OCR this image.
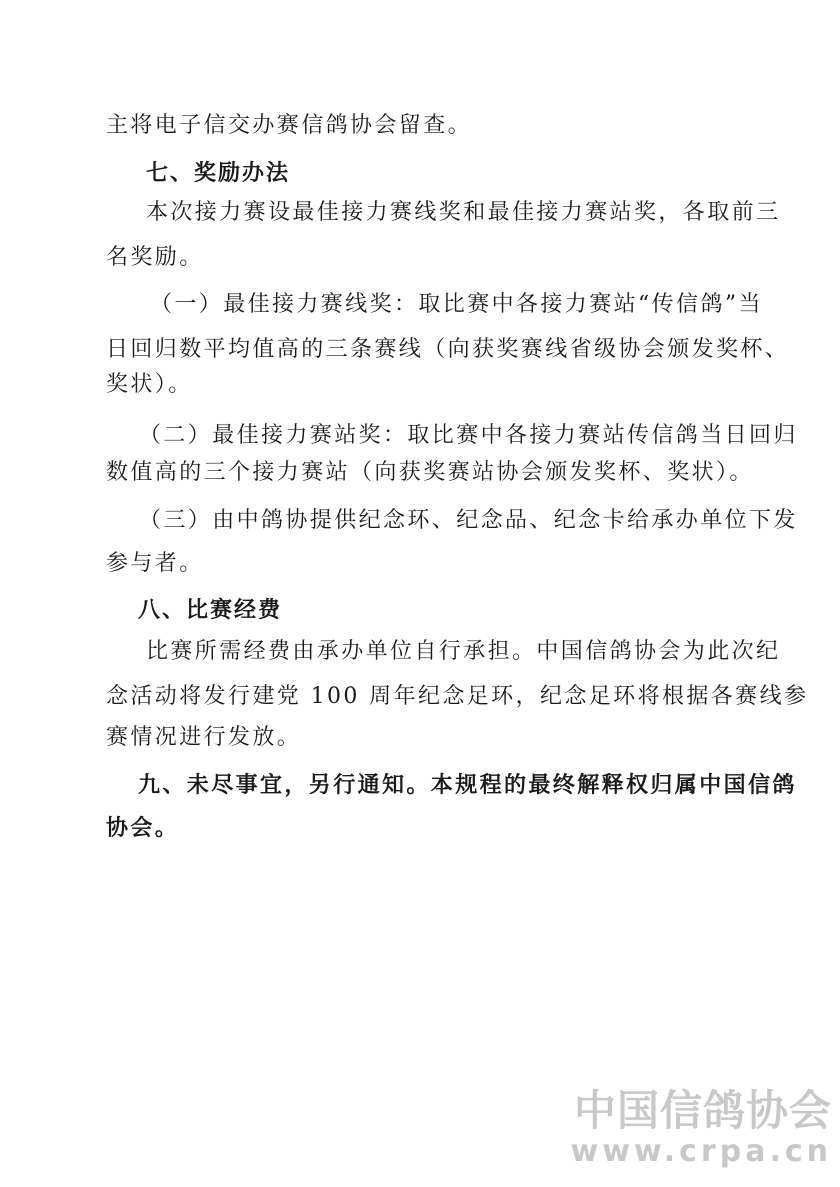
主将电子信交办赛信鸽协会留查。
七、奖励办法
本次接力赛设最佳接力赛线奖和最佳接力赛站奖，各取前三
名奖励。
（一）最佳接力赛线奖：取比赛中各接力赛站“传信鸽”当
日回归数平均值高的三条赛线（向获奖赛线省级协会颁发奖杯、
奖状）。
（二）最佳接力赛站奖：取比赛中各接力赛站传信鸽当日回归
数值高的三个接力赛站（向获奖赛站协会颁发奖杯、奖状）。
（三）由中鸽协提供纪念环、纪念品、纪念卡给承办单位下发
参与者。
八、比赛经费
比赛所需经费由承办单位自行承担。中国信鸽协会为此次纪
念活动将发行建党 100 周年纪念足环，纪念足环将根据各赛线参
赛情况进行发放。
九、未尽事宜，另行通知。本规程的最终解释权归属中国信鸽
协会。
中国信鸽协会
www.crpa.cn
